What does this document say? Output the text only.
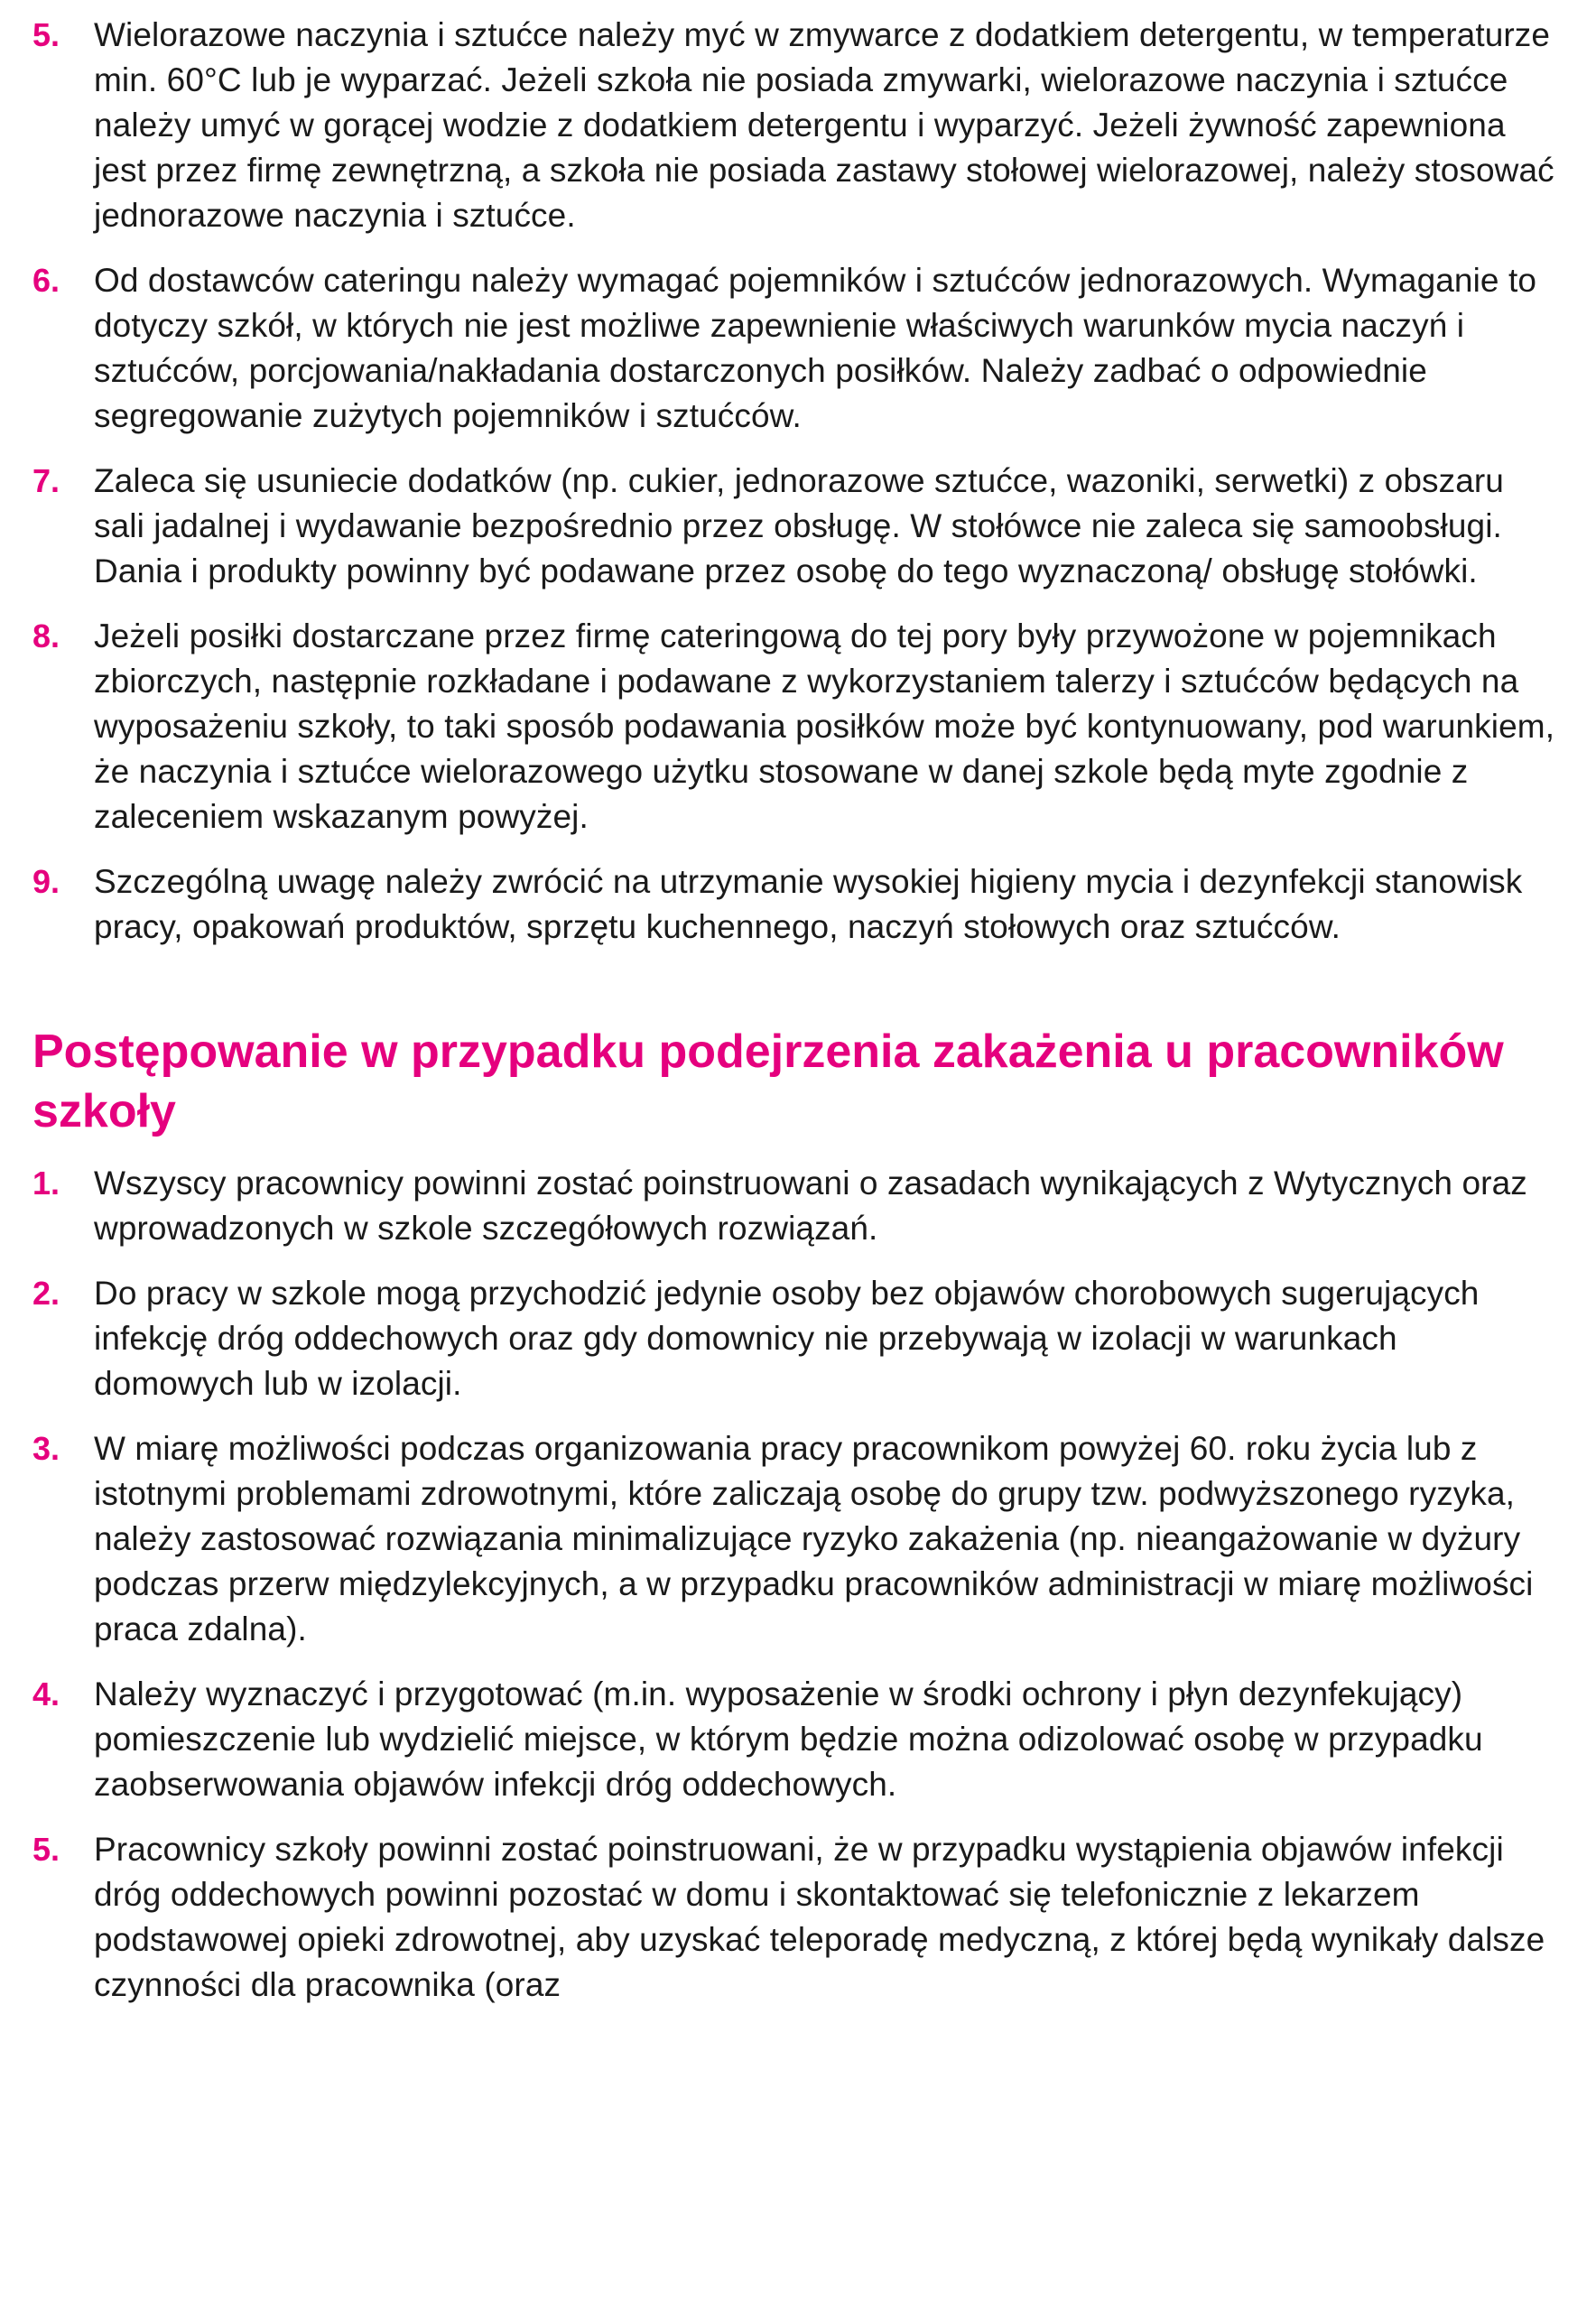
5.	Wielorazowe naczynia i sztućce należy myć w zmywarce z dodatkiem detergentu, w temperaturze min. 60°C lub je wyparzać. Jeżeli szkoła nie posiada zmywarki, wielorazowe naczynia i sztućce należy umyć w gorącej wodzie z dodatkiem detergentu i wyparzyć. Jeżeli żywność zapewniona jest przez firmę zewnętrzną, a szkoła nie posiada zastawy stołowej wielorazowej, należy stosować jednorazowe naczynia i sztućce.
6.	Od dostawców cateringu należy wymagać pojemników i sztućców jednorazowych. Wymaganie to dotyczy szkół, w których nie jest możliwe zapewnienie właściwych warunków mycia naczyń i sztućców, porcjowania/nakładania dostarczonych posiłków. Należy zadbać o odpowiednie segregowanie zużytych pojemników i sztućców.
7.	Zaleca się usuniecie dodatków (np. cukier, jednorazowe sztućce, wazoniki, serwetki) z obszaru sali jadalnej i wydawanie bezpośrednio przez obsługę. W stołówce nie zaleca się samoobsługi. Dania i produkty powinny być podawane przez osobę do tego wyznaczoną/ obsługę stołówki.
8.	Jeżeli posiłki dostarczane przez firmę cateringową do tej pory były przywożone w pojemnikach zbiorczych, następnie rozkładane i podawane z wykorzystaniem talerzy i sztućców będących na wyposażeniu szkoły, to taki sposób podawania posiłków może być kontynuowany, pod warunkiem, że naczynia i sztućce wielorazowego użytku stosowane w danej szkole będą myte zgodnie z zaleceniem wskazanym powyżej.
9.	Szczególną uwagę należy zwrócić na utrzymanie wysokiej higieny mycia i dezynfekcji stanowisk pracy, opakowań produktów, sprzętu kuchennego, naczyń stołowych oraz sztućców.
Postępowanie w przypadku podejrzenia zakażenia u pracowników szkoły
1.	Wszyscy pracownicy powinni zostać poinstruowani o zasadach wynikających z Wytycznych oraz wprowadzonych w szkole szczegółowych rozwiązań.
2.	Do pracy w szkole mogą przychodzić jedynie osoby bez objawów chorobowych sugerujących infekcję dróg oddechowych oraz gdy domownicy nie przebywają w izolacji w warunkach domowych lub w izolacji.
3.	W miarę możliwości podczas organizowania pracy pracownikom powyżej 60. roku życia lub z istotnymi problemami zdrowotnymi, które zaliczają osobę do grupy tzw. podwyższonego ryzyka, należy zastosować rozwiązania minimalizujące ryzyko zakażenia (np. nieangażowanie w dyżury podczas przerw międzylekcyjnych, a w przypadku pracowników administracji w miarę możliwości praca zdalna).
4.	Należy wyznaczyć i przygotować (m.in. wyposażenie w środki ochrony i płyn dezynfekujący) pomieszczenie lub wydzielić miejsce, w którym będzie można odizolować osobę w przypadku zaobserwowania objawów infekcji dróg oddechowych.
5.	Pracownicy szkoły powinni zostać poinstruowani, że w przypadku wystąpienia objawów infekcji dróg oddechowych powinni pozostać w domu i skontaktować się telefonicznie z lekarzem podstawowej opieki zdrowotnej, aby uzyskać teleporadę medyczną, z której będą wynikały dalsze czynności dla pracownika (oraz
